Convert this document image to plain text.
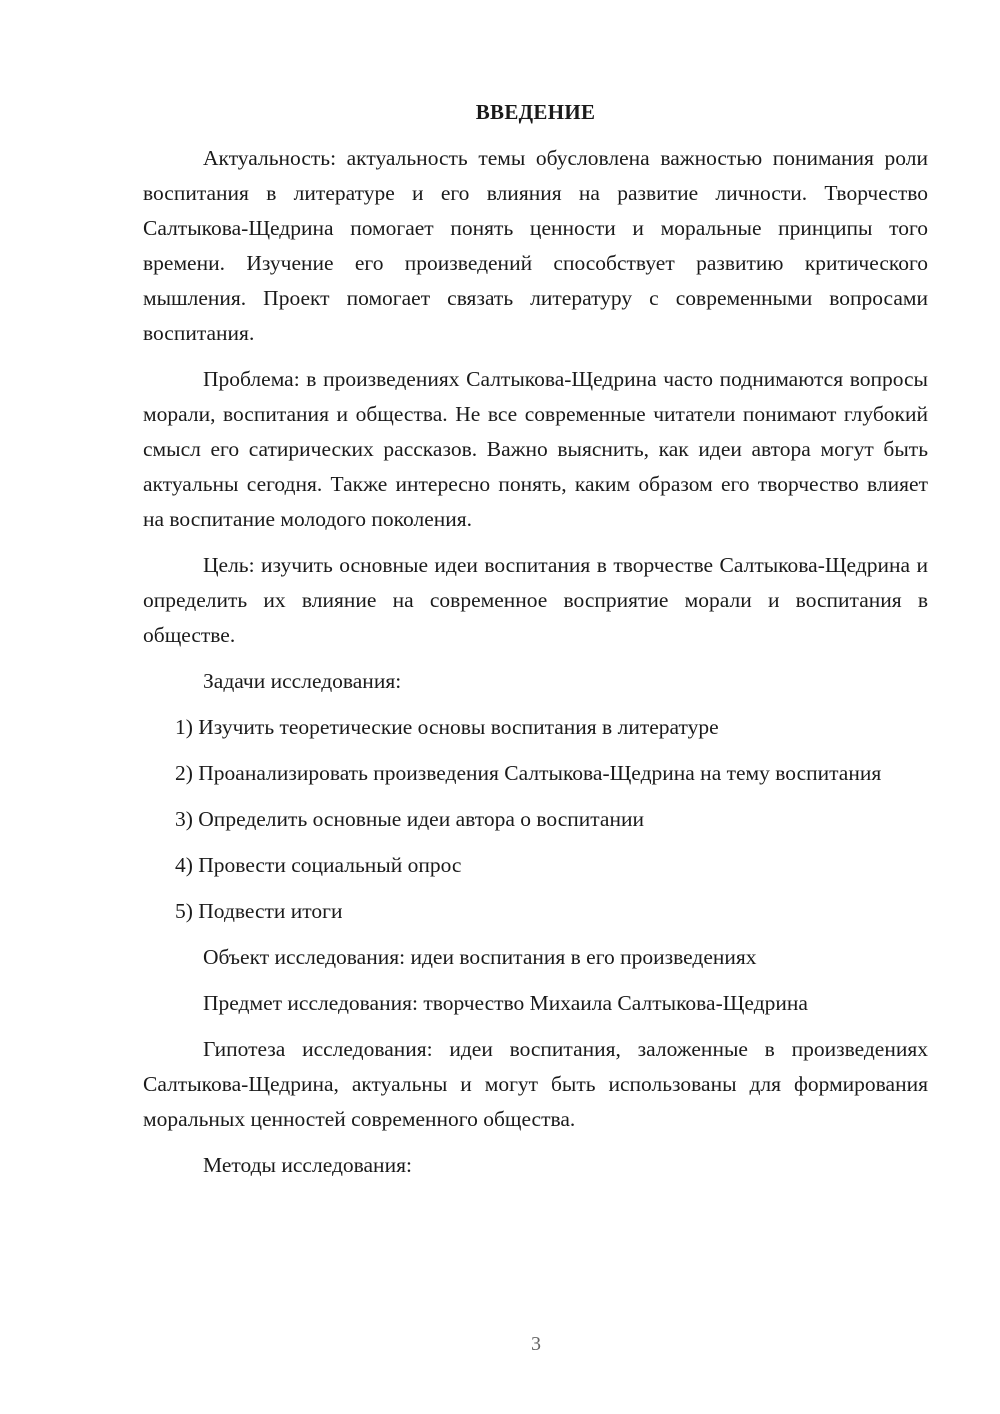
ВВЕДЕНИЕ
Актуальность: актуальность темы обусловлена важностью понимания роли воспитания в литературе и его влияния на развитие личности. Творчество Салтыкова-Щедрина помогает понять ценности и моральные принципы того времени. Изучение его произведений способствует развитию критического мышления. Проект помогает связать литературу с современными вопросами воспитания.
Проблема: в произведениях Салтыкова-Щедрина часто поднимаются вопросы морали, воспитания и общества. Не все современные читатели понимают глубокий смысл его сатирических рассказов. Важно выяснить, как идеи автора могут быть актуальны сегодня. Также интересно понять, каким образом его творчество влияет на воспитание молодого поколения.
Цель: изучить основные идеи воспитания в творчестве Салтыкова-Щедрина и определить их влияние на современное восприятие морали и воспитания в обществе.
Задачи исследования:
1) Изучить теоретические основы воспитания в литературе
2) Проанализировать произведения Салтыкова-Щедрина на тему воспитания
3) Определить основные идеи автора о воспитании
4) Провести социальный опрос
5) Подвести итоги
Объект исследования: идеи воспитания в его произведениях
Предмет исследования: творчество Михаила Салтыкова-Щедрина
Гипотеза исследования: идеи воспитания, заложенные в произведениях Салтыкова-Щедрина, актуальны и могут быть использованы для формирования моральных ценностей современного общества.
Методы исследования:
3
